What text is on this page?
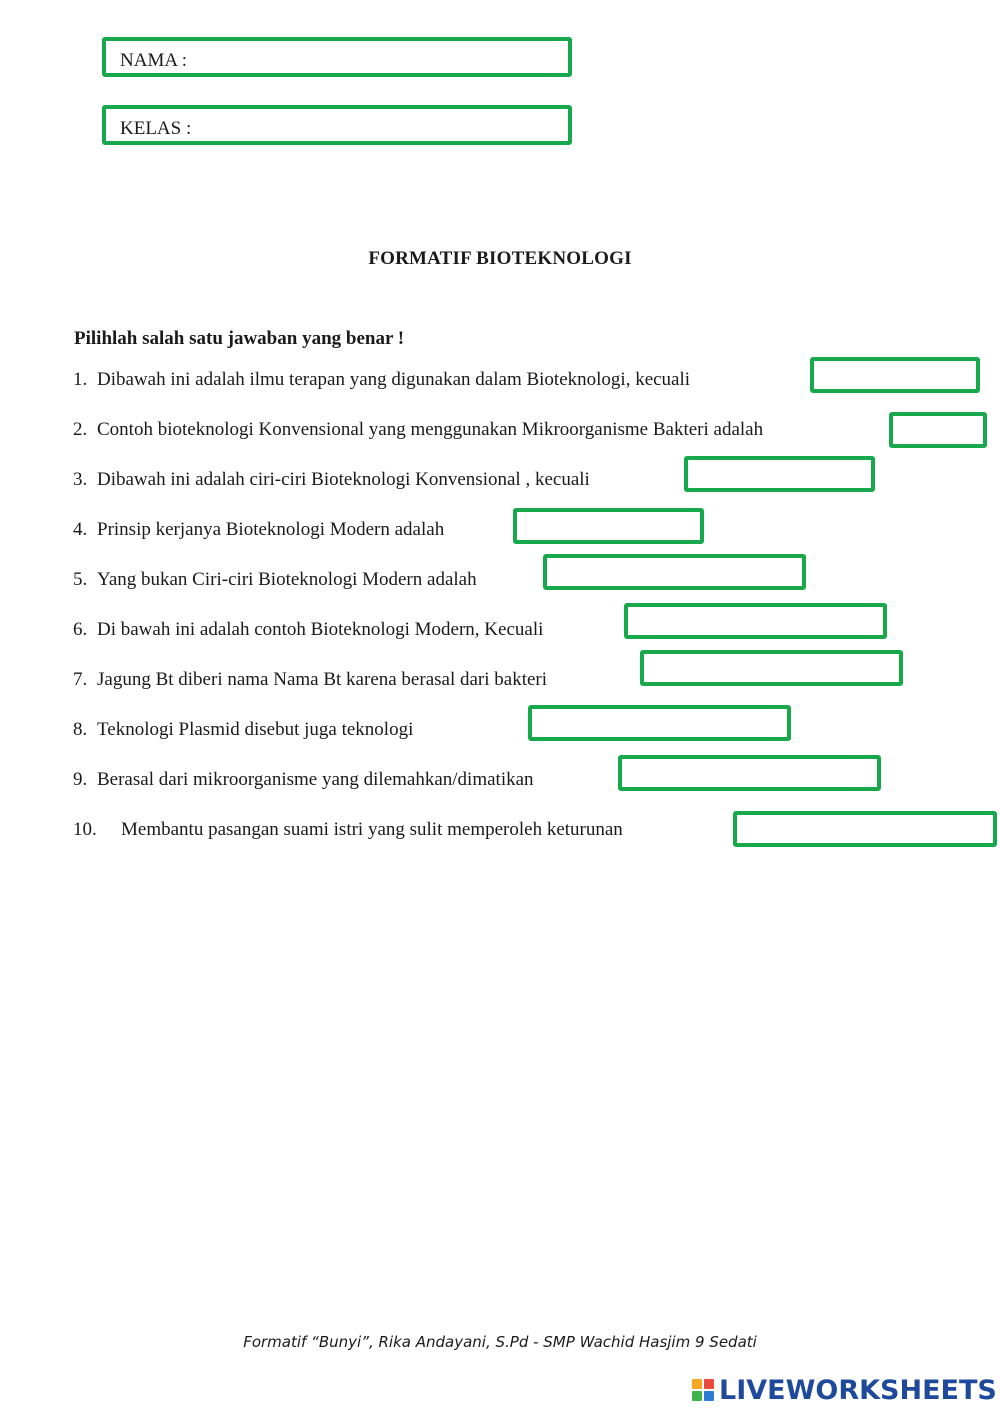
NAMA :
KELAS :
FORMATIF BIOTEKNOLOGI
Pilihlah salah satu jawaban yang benar !
1. Dibawah ini adalah ilmu terapan yang digunakan dalam Bioteknologi, kecuali
2. Contoh bioteknologi Konvensional yang menggunakan Mikroorganisme Bakteri adalah
3. Dibawah ini adalah ciri-ciri Bioteknologi Konvensional , kecuali
4. Prinsip kerjanya Bioteknologi Modern adalah
5. Yang bukan Ciri-ciri Bioteknologi Modern adalah
6. Di bawah ini adalah contoh Bioteknologi Modern, Kecuali
7. Jagung Bt diberi nama Nama Bt karena berasal dari bakteri
8. Teknologi Plasmid disebut juga teknologi
9. Berasal dari mikroorganisme yang dilemahkan/dimatikan
10. Membantu pasangan suami istri yang sulit memperoleh keturunan
Formatif “Bunyi”, Rika Andayani, S.Pd - SMP Wachid Hasjim 9 Sedati
LIVEWORKSHEETS
